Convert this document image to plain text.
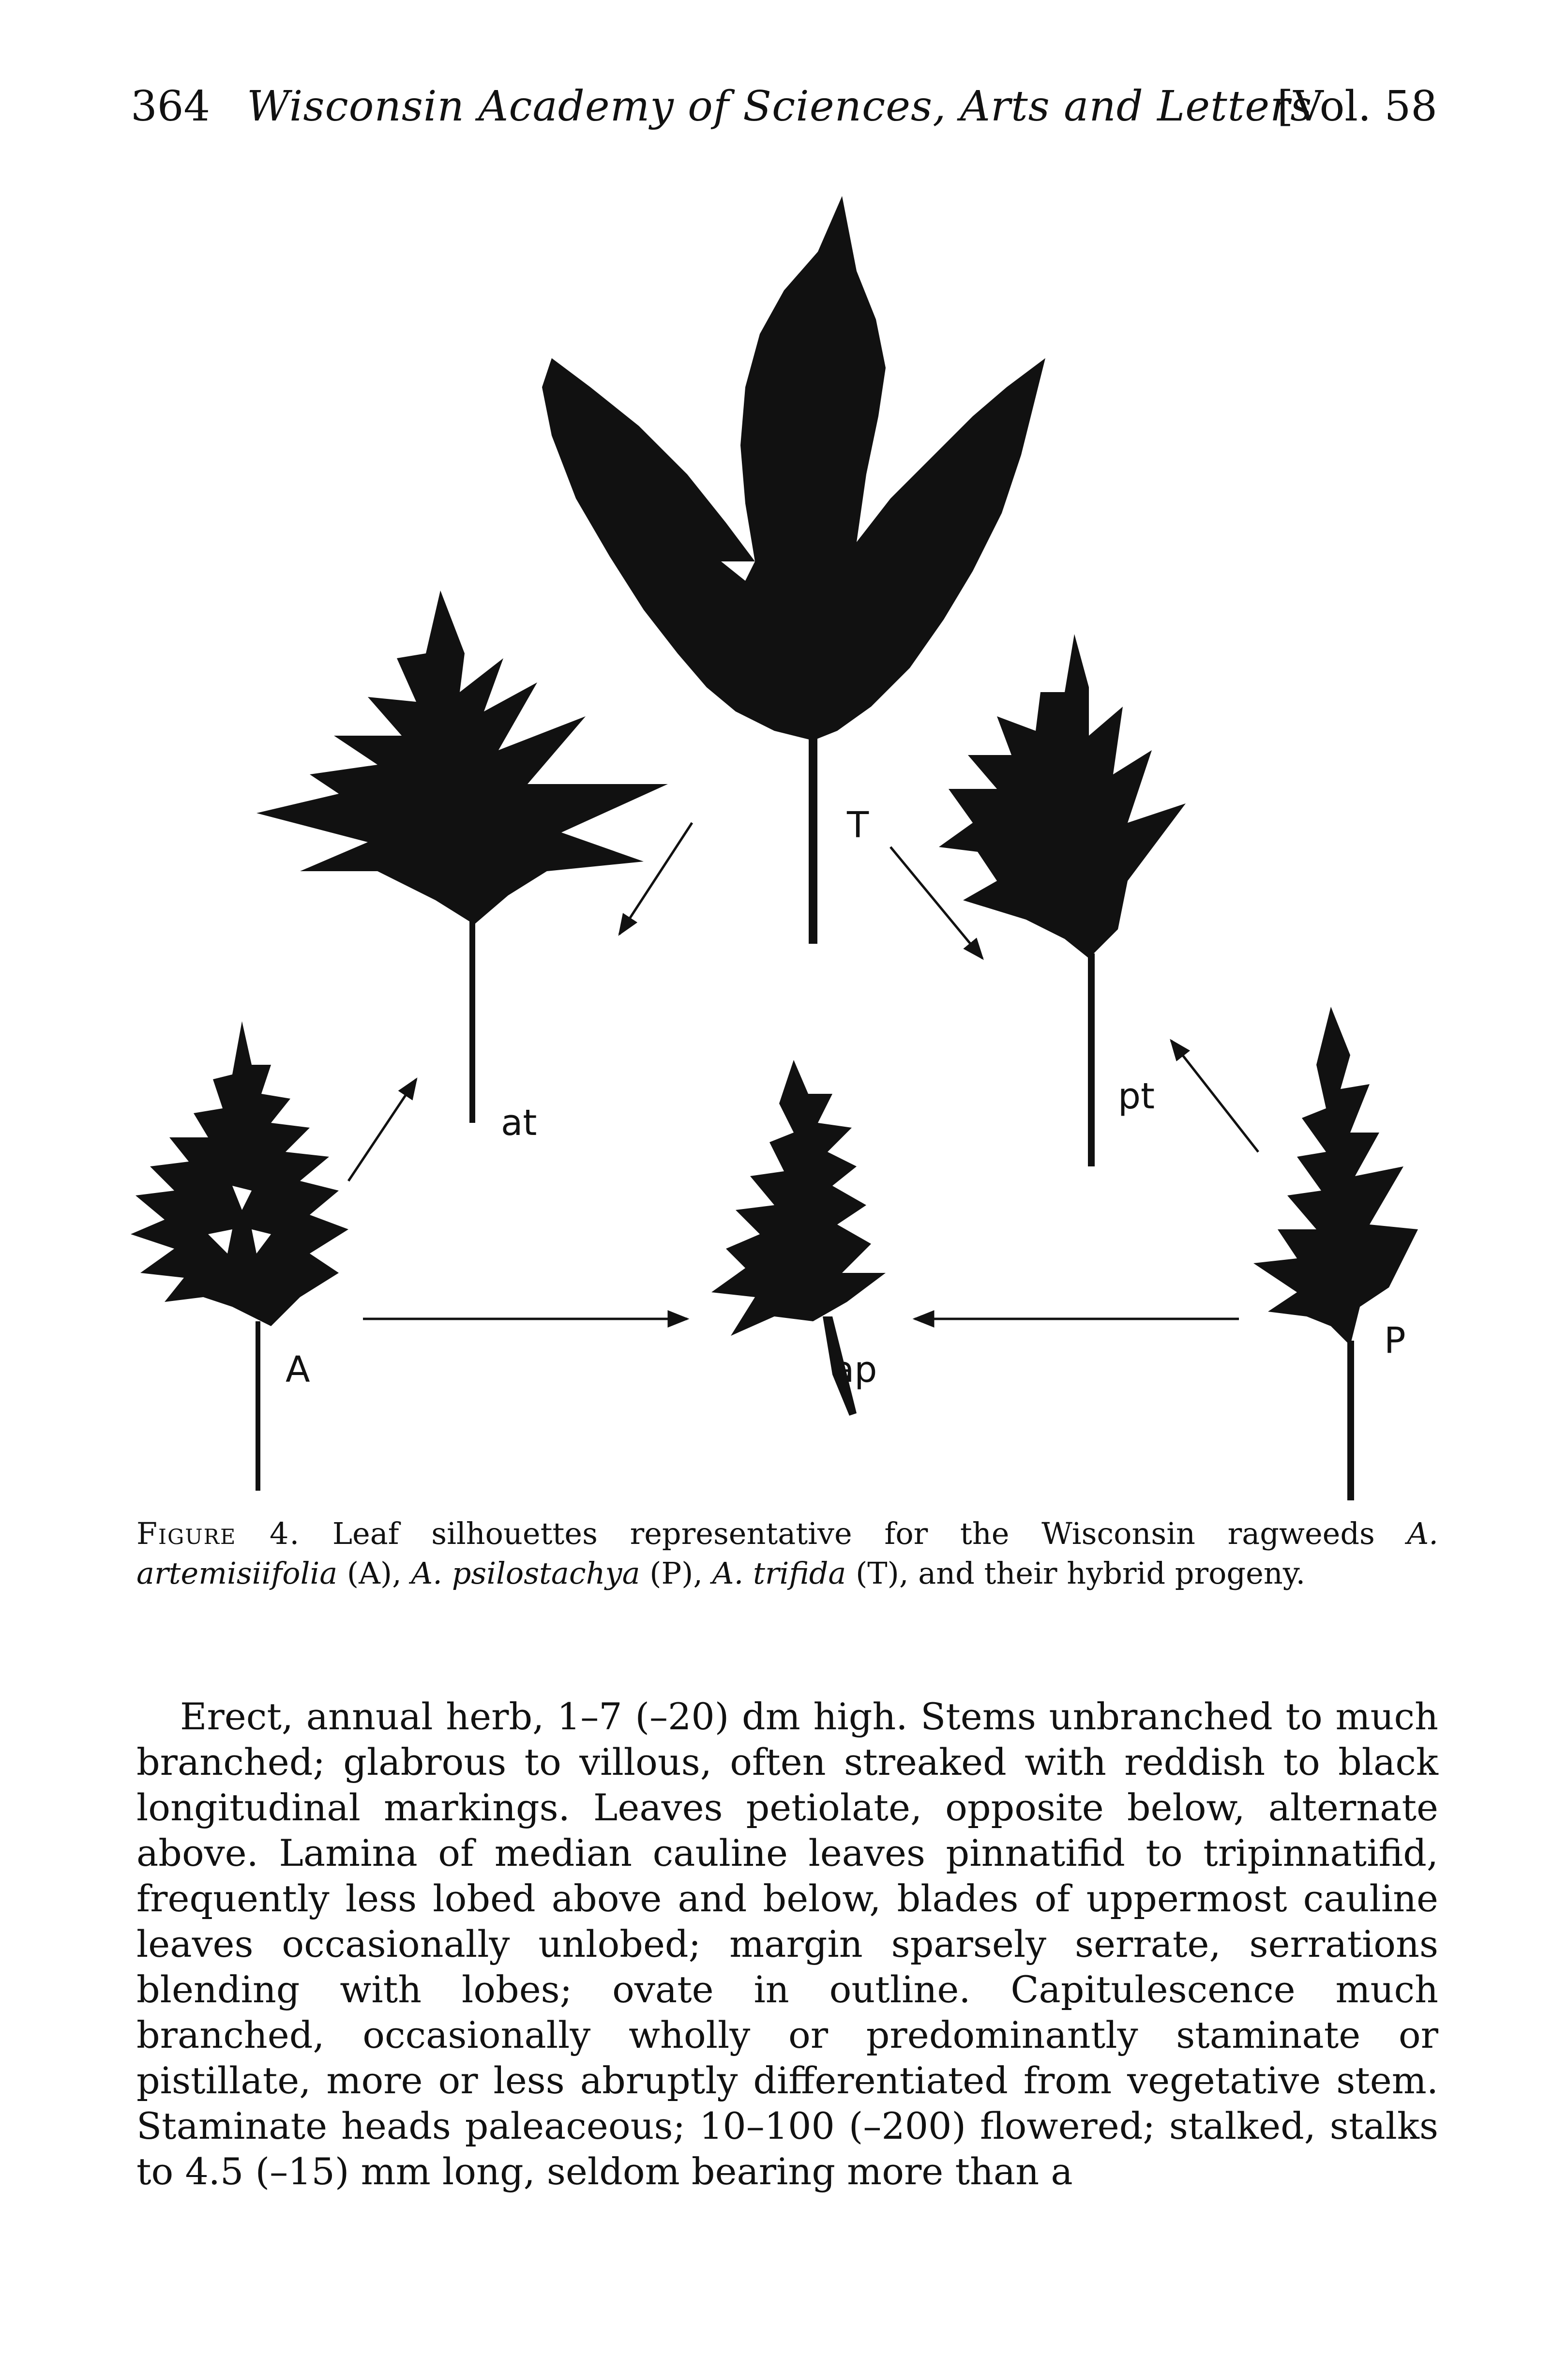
364 Wisconsin Academy of Sciences, Arts and Letters
[Vol. 58
T
at
pt
A	ap
P
Figure 4. Leaf silhouettes representative for the Wisconsin ragweeds A. artemisiifolia (A), A. psilostachya (P), A. trifida (T), and their hybrid progeny.

Erect, annual herb, 1–7 (–20) dm high. Stems unbranched to much branched; glabrous to villous, often streaked with reddish to black longitudinal markings. Leaves petiolate, opposite below, alternate above. Lamina of median cauline leaves pinnatifid to tripinnatifid, frequently less lobed above and below, blades of uppermost cauline leaves occasionally unlobed; margin sparsely serrate, serrations blending with lobes; ovate in outline. Capitulescence much branched, occasionally wholly or predominantly staminate or pistillate, more or less abruptly differentiated from vegetative stem. Staminate heads paleaceous; 10–100 (–200) flowered; stalked, stalks to 4.5 (–15) mm long, seldom bearing more than a
